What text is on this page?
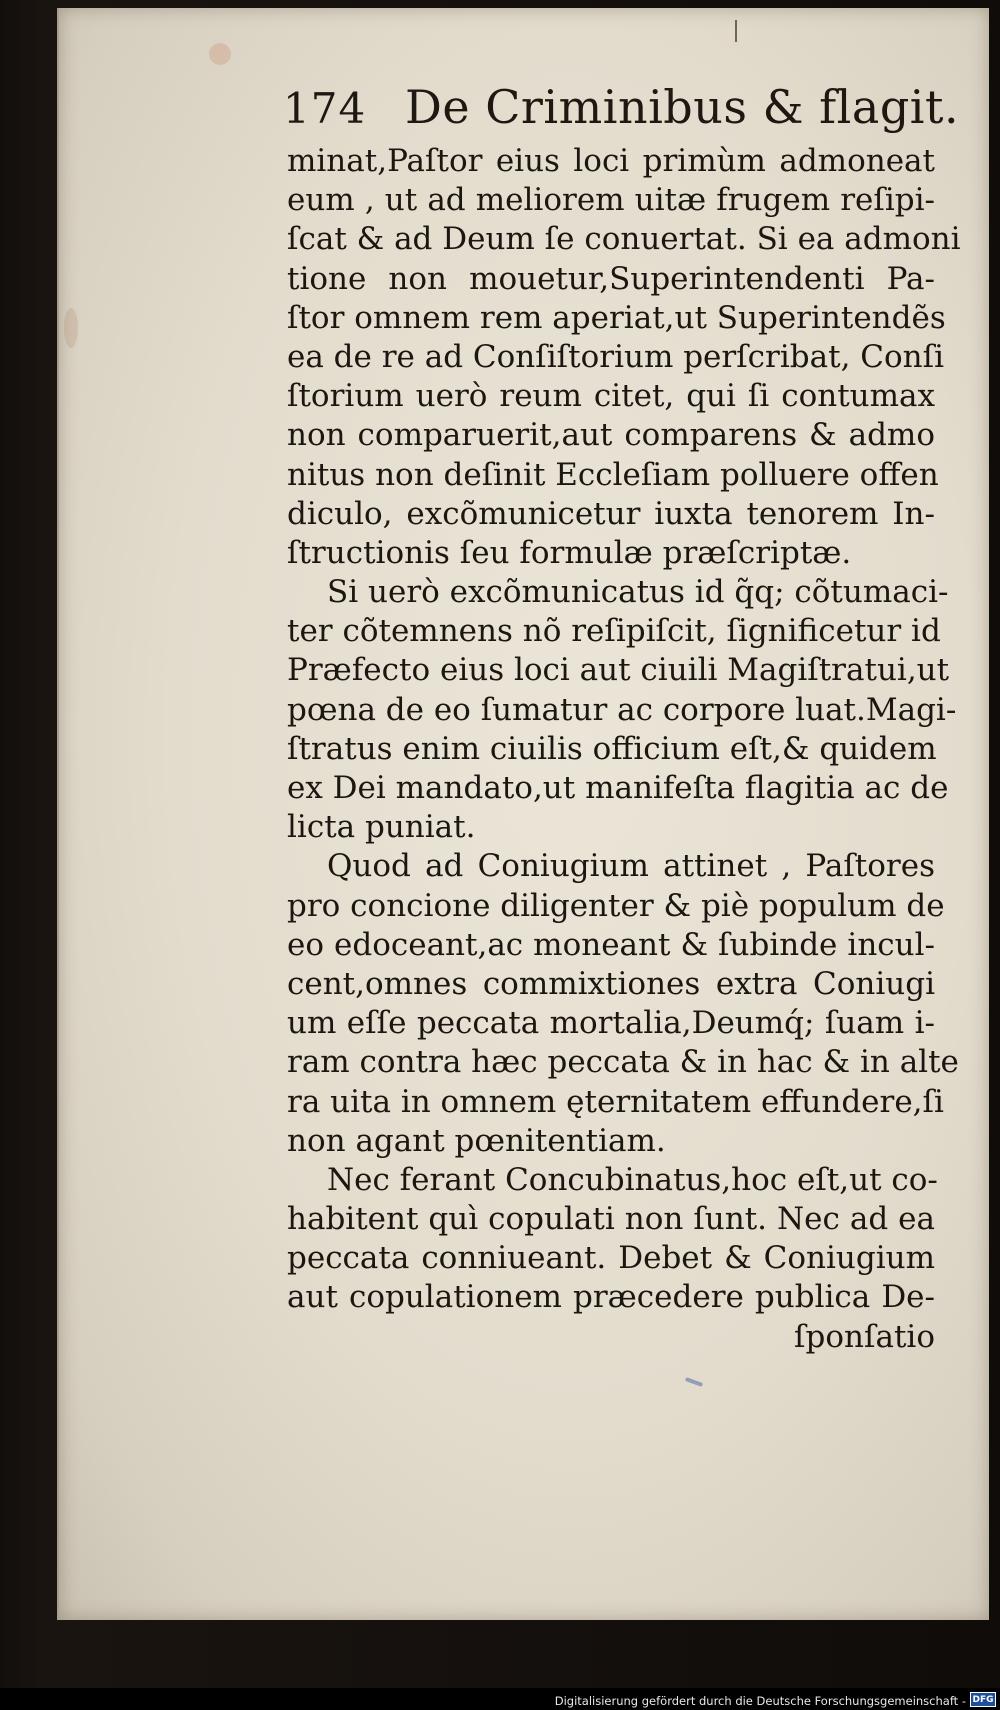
174 De Criminibus & flagit.
minat,Paſtor eius loci primùm admoneat
eum , ut ad meliorem uitæ frugem reſipi-
ſcat & ad Deum ſe conuertat. Si ea admoni
tione non mouetur,Superintendenti Pa-
ſtor omnem rem aperiat,ut Superintendẽs
ea de re ad Conſiſtorium perſcribat, Conſi
ſtorium uerò reum citet, qui ſi contumax
non comparuerit,aut comparens & admo
nitus non deſinit Eccleſiam polluere offen
diculo, excõmunicetur iuxta tenorem In-
ſtructionis ſeu formulæ præſcriptæ.
Si uerò excõmunicatus id q̃q; cõtumaci-
ter cõtemnens nõ reſipiſcit, ſignificetur id
Præfecto eius loci aut ciuili Magiſtratui,ut
pœna de eo ſumatur ac corpore luat.Magi-
ſtratus enim ciuilis officium eſt,& quidem
ex Dei mandato,ut manifeſta flagitia ac de
licta puniat.
Quod ad Coniugium attinet , Paſtores
pro concione diligenter & piè populum de
eo edoceant,ac moneant & ſubinde incul-
cent,omnes commixtiones extra Coniugi
um eſſe peccata mortalia,Deumq́; ſuam i-
ram contra hæc peccata & in hac & in alte
ra uita in omnem ęternitatem effundere,ſi
non agant pœnitentiam.
Nec ferant Concubinatus,hoc eſt,ut co-
habitent quì copulati non ſunt. Nec ad ea
peccata conniueant. Debet & Coniugium
aut copulationem præcedere publica De-
ſponſatio
Digitalisierung gefördert durch die Deutsche Forschungsgemeinschaft - DFG
